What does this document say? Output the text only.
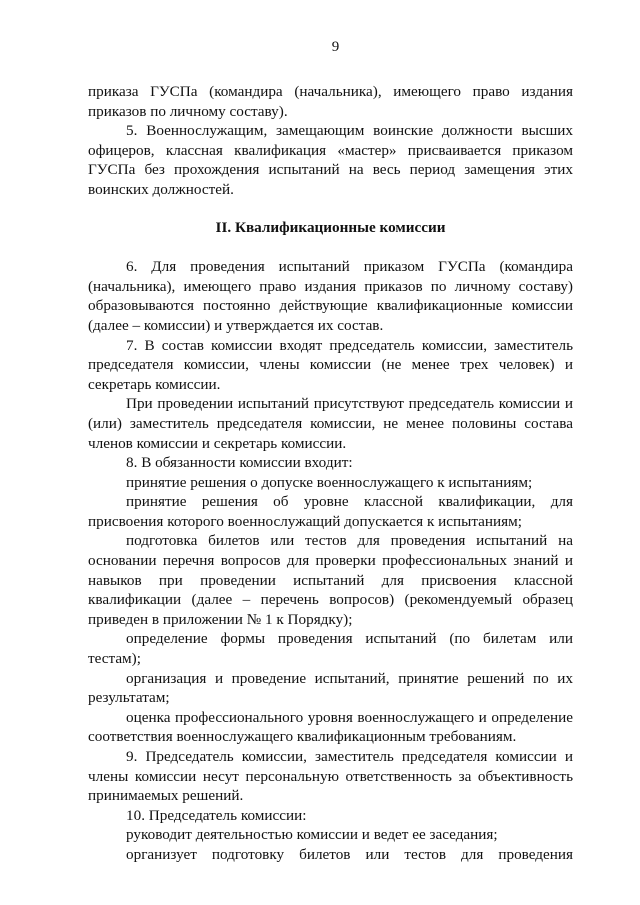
9

приказа ГУСПа (командира (начальника), имеющего право издания приказов по личному составу).

5. Военнослужащим, замещающим воинские должности высших офицеров, классная квалификация «мастер» присваивается приказом ГУСПа без прохождения испытаний на весь период замещения этих воинских должностей.

II. Квалификационные комиссии

6. Для проведения испытаний приказом ГУСПа (командира (начальника), имеющего право издания приказов по личному составу) образовываются постоянно действующие квалификационные комиссии (далее – комиссии) и утверждается их состав.

7. В состав комиссии входят председатель комиссии, заместитель председателя комиссии, члены комиссии (не менее трех человек) и секретарь комиссии.

При проведении испытаний присутствуют председатель комиссии и (или) заместитель председателя комиссии, не менее половины состава членов комиссии и секретарь комиссии.

8. В обязанности комиссии входит:

принятие решения о допуске военнослужащего к испытаниям;

принятие решения об уровне классной квалификации, для присвоения которого военнослужащий допускается к испытаниям;

подготовка билетов или тестов для проведения испытаний на основании перечня вопросов для проверки профессиональных знаний и навыков при проведении испытаний для присвоения классной квалификации (далее – перечень вопросов) (рекомендуемый образец приведен в приложении № 1 к Порядку);

определение формы проведения испытаний (по билетам или тестам);

организация и проведение испытаний, принятие решений по их результатам;

оценка профессионального уровня военнослужащего и определение соответствия военнослужащего квалификационным требованиям.

9. Председатель комиссии, заместитель председателя комиссии и члены комиссии несут персональную ответственность за объективность принимаемых решений.

10. Председатель комиссии:

руководит деятельностью комиссии и ведет ее заседания;

организует подготовку билетов или тестов для проведения
